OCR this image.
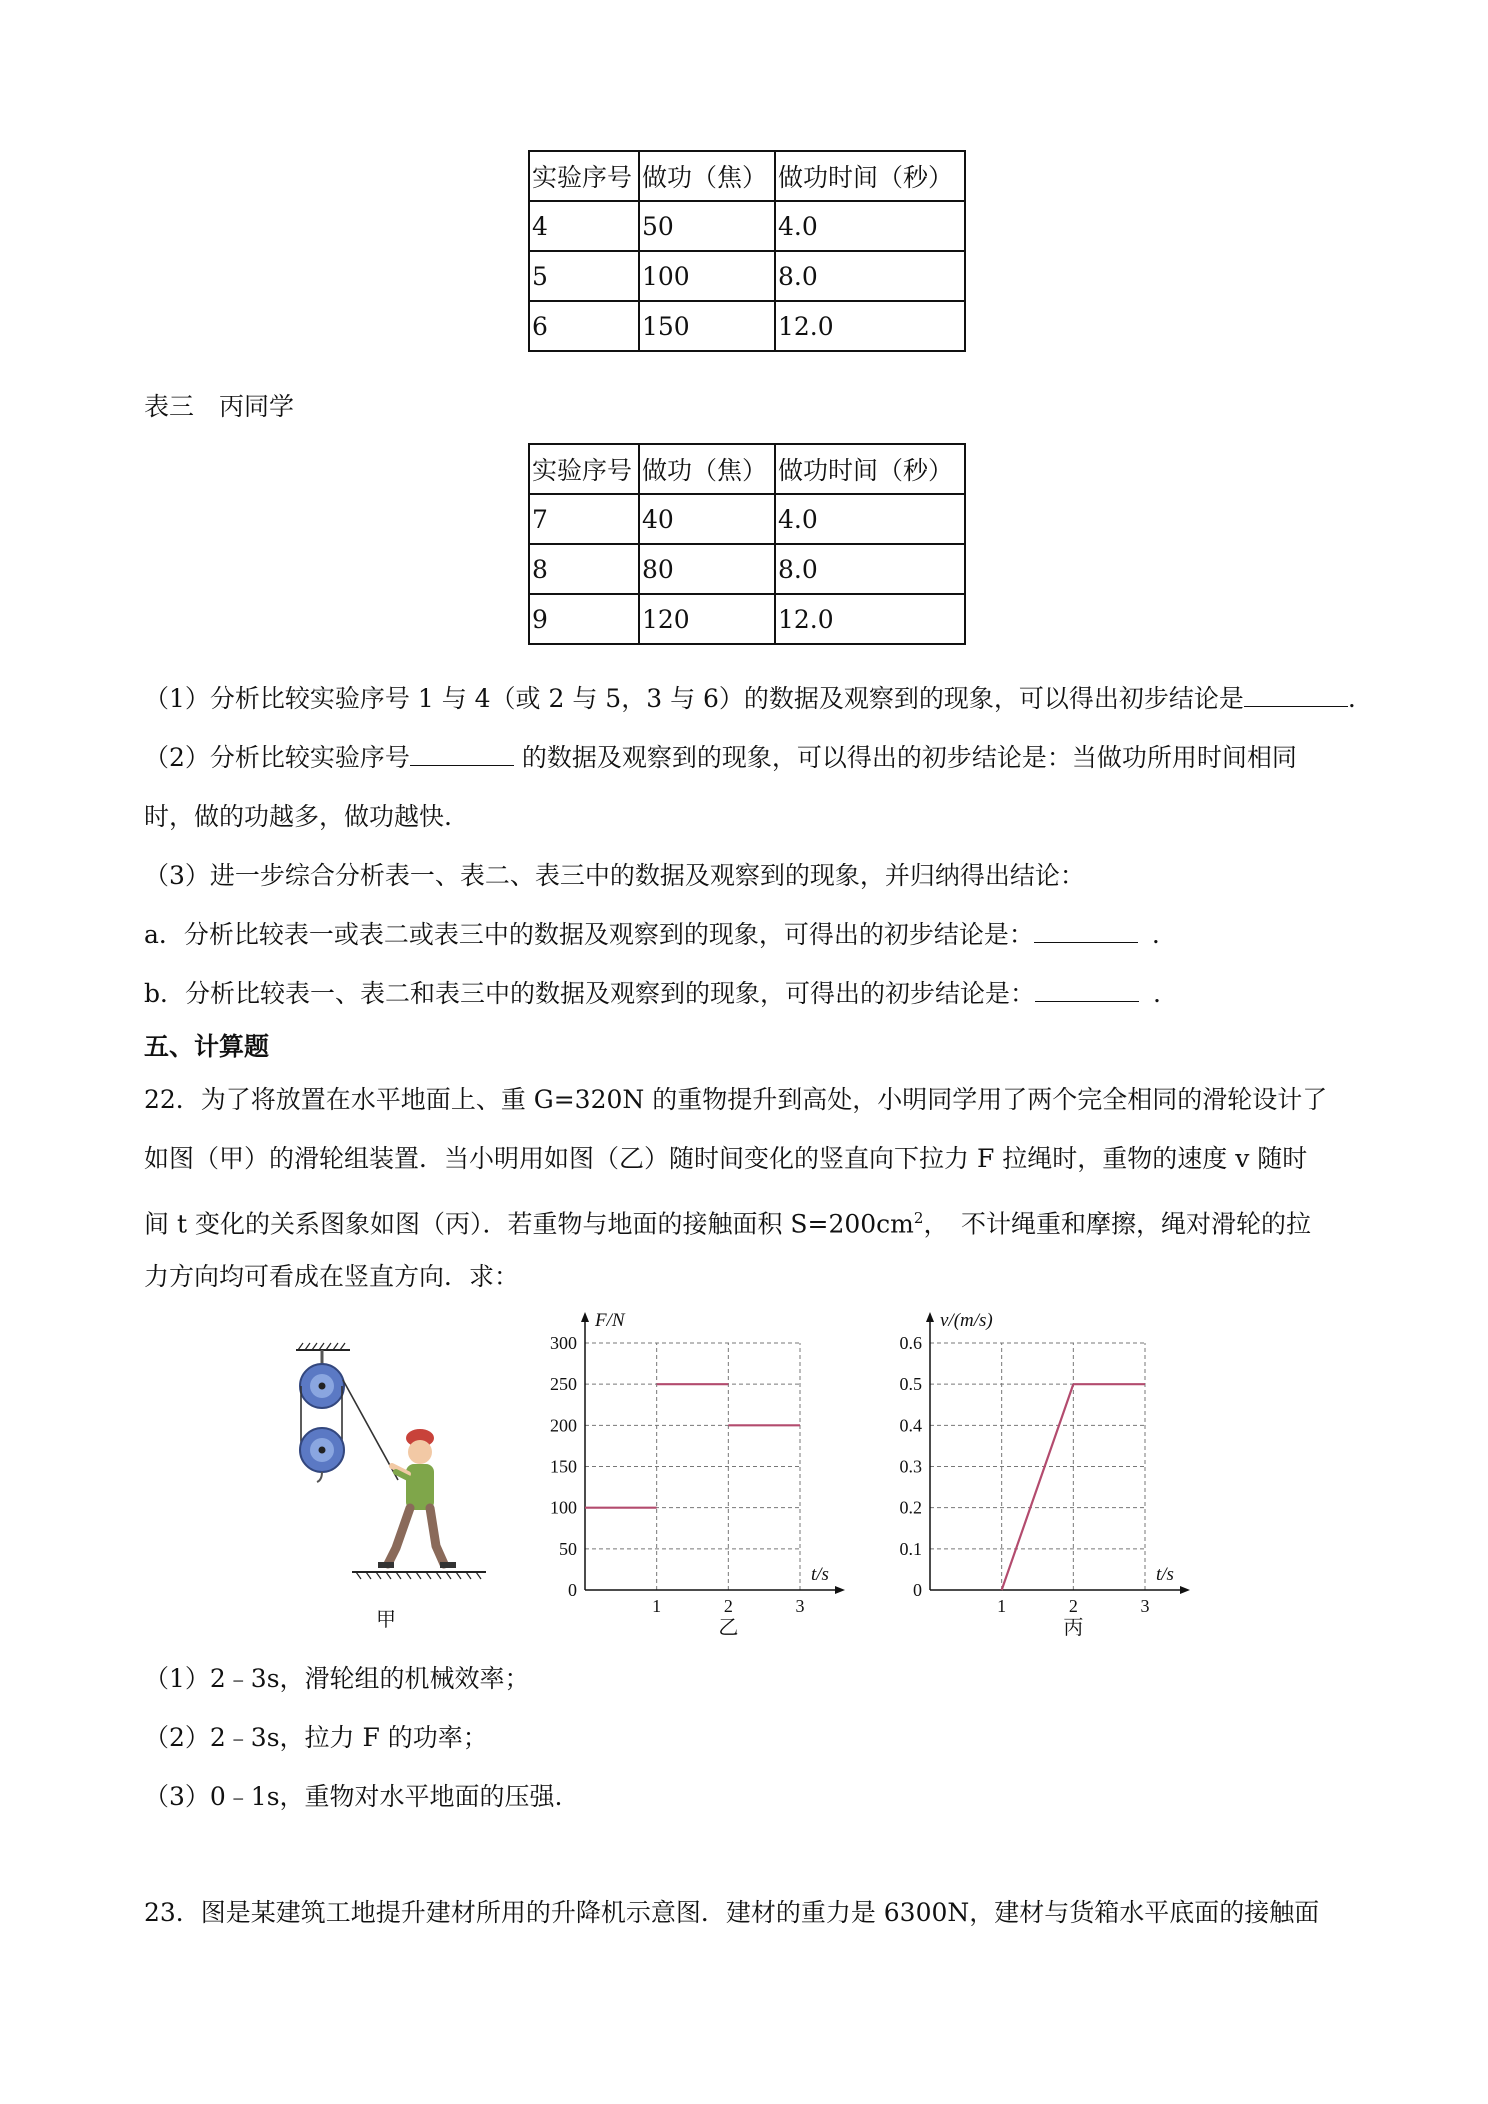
实验序号	做功（焦）	做功时间（秒）
4	50	4.0
5	100	8.0
6	150	12.0
表三　丙同学
实验序号	做功（焦）	做功时间（秒）
7	40	4.0
8	80	8.0
9	120	12.0
（1）分析比较实验序号 1 与 4（或 2 与 5，3 与 6）的数据及观察到的现象，可以得出初步结论是	.
（2）分析比较实验序号	的数据及观察到的现象，可以得出的初步结论是：当做功所用时间相同
时，做的功越多，做功越快.
（3）进一步综合分析表一、表二、表三中的数据及观察到的现象，并归纳得出结论：
a．分析比较表一或表二或表三中的数据及观察到的现象，可得出的初步结论是：	.
b．分析比较表一、表二和表三中的数据及观察到的现象，可得出的初步结论是：	.
五、计算题
22．为了将放置在水平地面上、重 G=320N 的重物提升到高处，小明同学用了两个完全相同的滑轮设计了
如图（甲）的滑轮组装置．当小明用如图（乙）随时间变化的竖直向下拉力 F 拉绳时，重物的速度 v 随时
间 t 变化的关系图象如图（丙）．若重物与地面的接触面积 $S=200cm^2$，　不计绳重和摩擦，绳对滑轮的拉
力方向均可看成在竖直方向．求：
甲
300
250
200
150
100
50
0
1	2	3
F/N
t/s
乙
0.6
0.5
0.4
0.3
0.2
0.1
0
1	2	3
v/(m/s)
t/s
丙
（1）2﹣3s，滑轮组的机械效率；
（2）2﹣3s，拉力 F 的功率；
（3）0﹣1s，重物对水平地面的压强.
23．图是某建筑工地提升建材所用的升降机示意图．建材的重力是 6300N，建材与货箱水平底面的接触面
